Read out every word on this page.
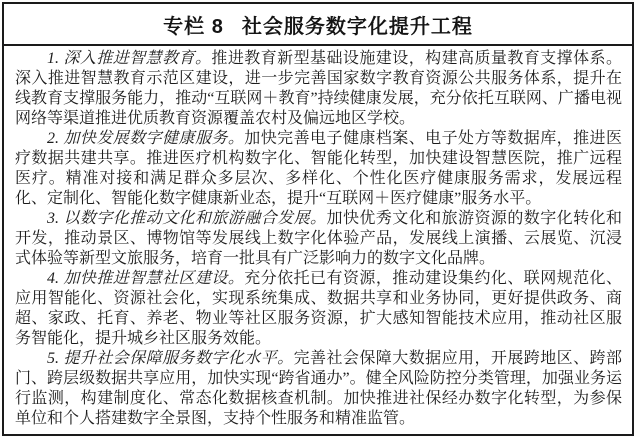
专栏 8 社会服务数字化提升工程

1. 深入推进智慧教育。推进教育新型基础设施建设，构建高质量教育支撑体系。深入推进智慧教育示范区建设，进一步完善国家数字教育资源公共服务体系，提升在线教育支撑服务能力，推动“互联网＋教育”持续健康发展，充分依托互联网、广播电视网络等渠道推进优质教育资源覆盖农村及偏远地区学校。

2. 加快发展数字健康服务。加快完善电子健康档案、电子处方等数据库，推进医疗数据共建共享。推进医疗机构数字化、智能化转型，加快建设智慧医院，推广远程医疗。精准对接和满足群众多层次、多样化、个性化医疗健康服务需求，发展远程化、定制化、智能化数字健康新业态，提升“互联网＋医疗健康”服务水平。

3. 以数字化推动文化和旅游融合发展。加快优秀文化和旅游资源的数字化转化和开发，推动景区、博物馆等发展线上数字化体验产品，发展线上演播、云展览、沉浸式体验等新型文旅服务，培育一批具有广泛影响力的数字文化品牌。

4. 加快推进智慧社区建设。充分依托已有资源，推动建设集约化、联网规范化、应用智能化、资源社会化，实现系统集成、数据共享和业务协同，更好提供政务、商超、家政、托育、养老、物业等社区服务资源，扩大感知智能技术应用，推动社区服务智能化，提升城乡社区服务效能。

5. 提升社会保障服务数字化水平。完善社会保障大数据应用，开展跨地区、跨部门、跨层级数据共享应用，加快实现“跨省通办”。健全风险防控分类管理，加强业务运行监测，构建制度化、常态化数据核查机制。加快推进社保经办数字化转型，为参保单位和个人搭建数字全景图，支持个性服务和精准监管。
